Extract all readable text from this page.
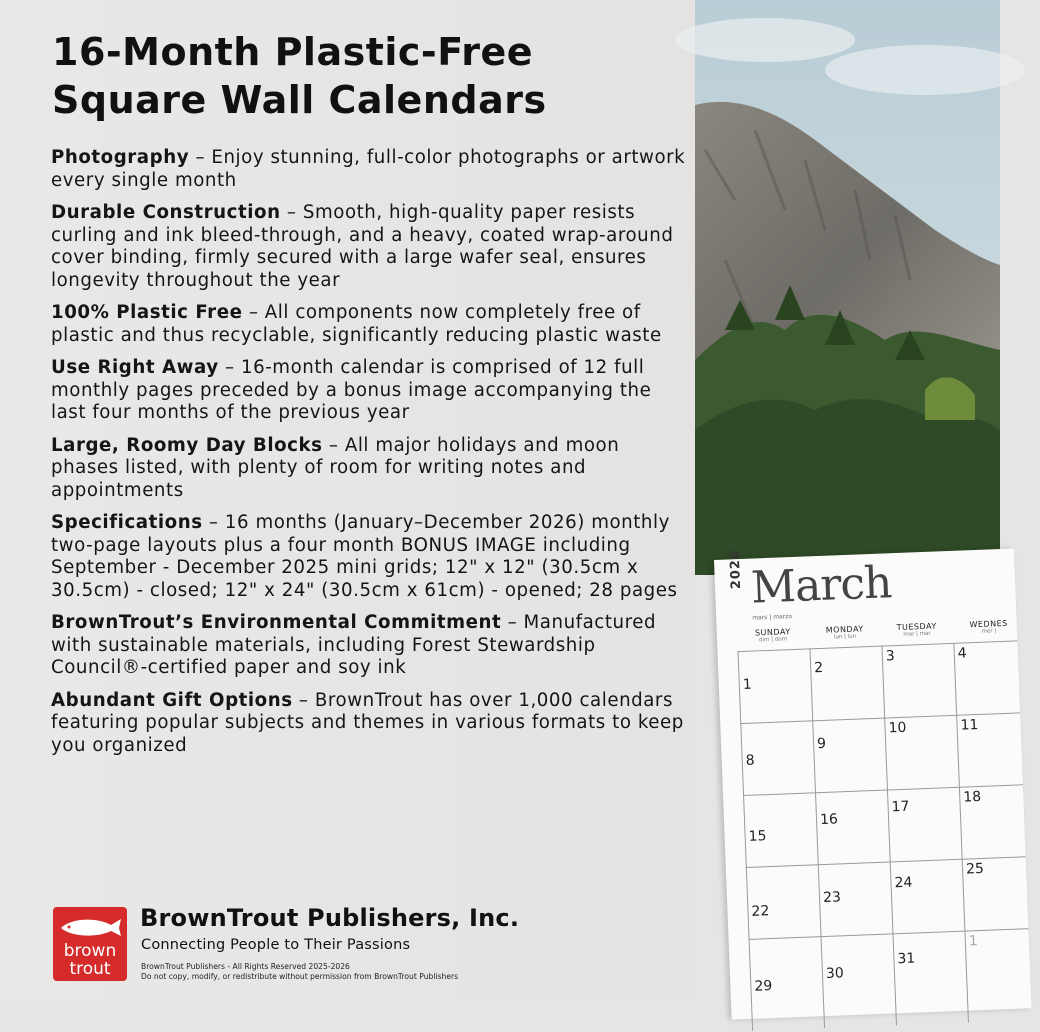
16-Month Plastic-Free
Square Wall Calendars

Photography – Enjoy stunning, full-color photographs or artwork every single month

Durable Construction – Smooth, high-quality paper resists curling and ink bleed-through, and a heavy, coated wrap-around cover binding, firmly secured with a large wafer seal, ensures longevity throughout the year

100% Plastic Free – All components now completely free of plastic and thus recyclable, significantly reducing plastic waste

Use Right Away – 16-month calendar is comprised of 12 full monthly pages preceded by a bonus image accompanying the last four months of the previous year

Large, Roomy Day Blocks – All major holidays and moon phases listed, with plenty of room for writing notes and appointments

Specifications – 16 months (January–December 2026) monthly two-page layouts plus a four month BONUS IMAGE including September - December 2025 mini grids; 12" x 12" (30.5cm x 30.5cm) - closed; 12" x 24" (30.5cm x 61cm) - opened; 28 pages

BrownTrout’s Environmental Commitment – Manufactured with sustainable materials, including Forest Stewardship Council®-certified paper and soy ink

Abundant Gift Options – BrownTrout has over 1,000 calendars featuring popular subjects and themes in various formats to keep you organized

brown
trout
BrownTrout Publishers, Inc.
Connecting People to Their Passions
BrownTrout Publishers - All Rights Reserved 2025-2026
Do not copy, modify, or redistribute without permission from BrownTrout Publishers
2026 March
mars | marzo
SUNDAY
dim | dom
MONDAY
lun | lun
TUESDAY
mar | mar
WEDNES
mer |
1
2
3	4
8
9
10	11
15
16
17
18
22
23
24
25
29
30
31
1
